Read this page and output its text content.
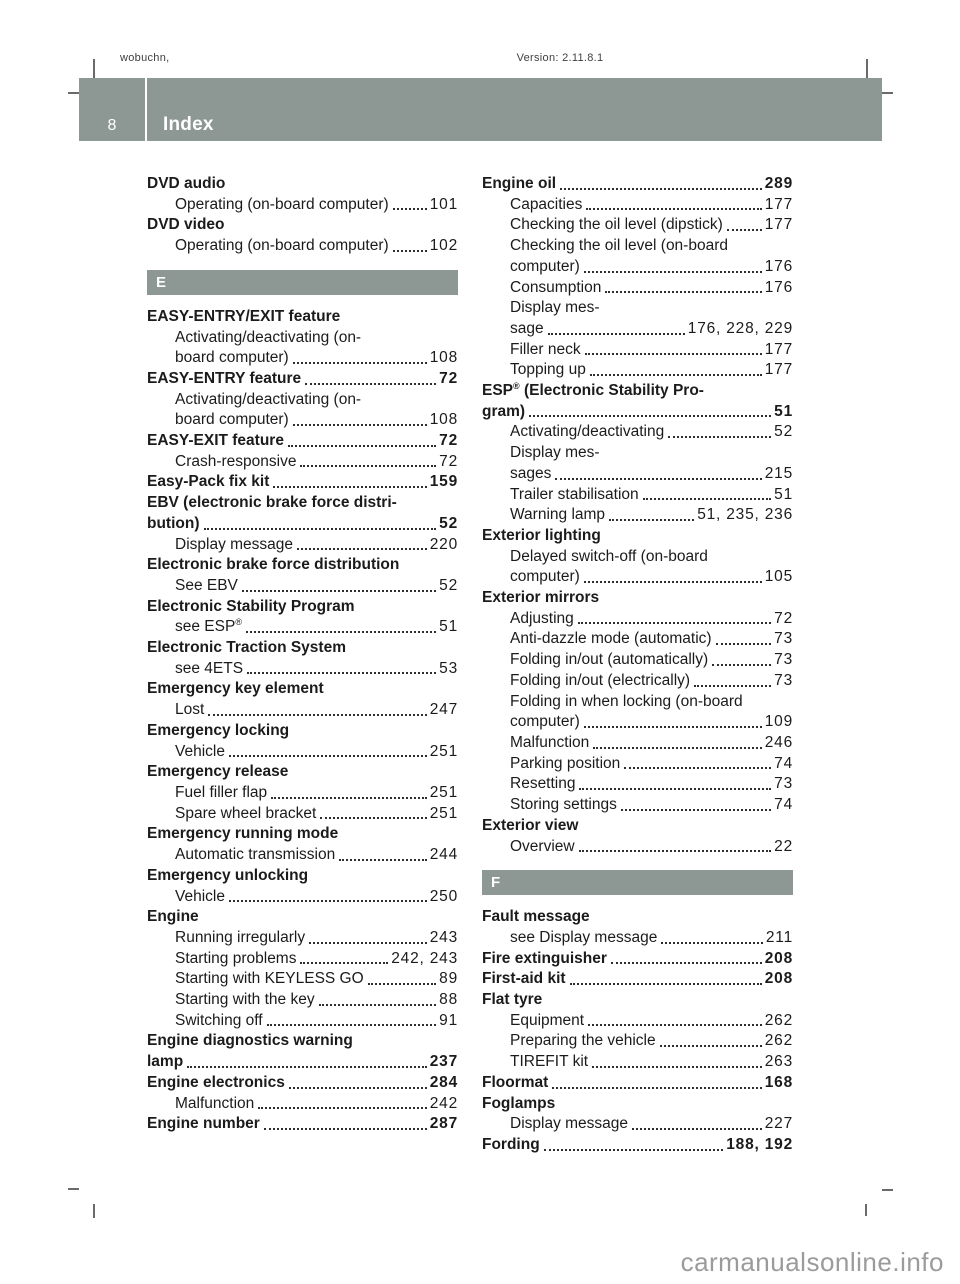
wobuchn,	Version: 2.11.8.1
8	Index
DVD audio
Operating (on-board computer)	101
DVD video
Operating (on-board computer)	102
E
EASY-ENTRY/EXIT feature
Activating/deactivating (on-
board computer)	108
EASY-ENTRY feature	72
Activating/deactivating (on-
board computer)	108
EASY-EXIT feature	72
Crash-responsive	72
Easy-Pack fix kit	159
EBV (electronic brake force distri-
bution)	52
Display message	220
Electronic brake force distribution
See EBV	52
Electronic Stability Program
see ESP®	51
Electronic Traction System
see 4ETS	53
Emergency key element
Lost	247
Emergency locking
Vehicle	251
Emergency release
Fuel filler flap	251
Spare wheel bracket	251
Emergency running mode
Automatic transmission	244
Emergency unlocking
Vehicle	250
Engine
Running irregularly	243
Starting problems	242, 243
Starting with KEYLESS GO	89
Starting with the key	88
Switching off	91
Engine diagnostics warning
lamp	237
Engine electronics	284
Malfunction	242
Engine number	287
Engine oil	289
Capacities	177
Checking the oil level (dipstick)	177
Checking the oil level (on-board
computer)	176
Consumption	176
Display mes-
sage	176, 228, 229
Filler neck	177
Topping up	177
ESP® (Electronic Stability Pro-
gram)	51
Activating/deactivating	52
Display mes-
sages	215
Trailer stabilisation	51
Warning lamp	51, 235, 236
Exterior lighting
Delayed switch-off (on-board
computer)	105
Exterior mirrors
Adjusting	72
Anti-dazzle mode (automatic)	73
Folding in/out (automatically)	73
Folding in/out (electrically)	73
Folding in when locking (on-board
computer)	109
Malfunction	246
Parking position	74
Resetting	73
Storing settings	74
Exterior view
Overview	22
F
Fault message
see Display message	211
Fire extinguisher	208
First-aid kit	208
Flat tyre
Equipment	262
Preparing the vehicle	262
TIREFIT kit	263
Floormat	168
Foglamps
Display message	227
Fording	188, 192
carmanualsonline.info
